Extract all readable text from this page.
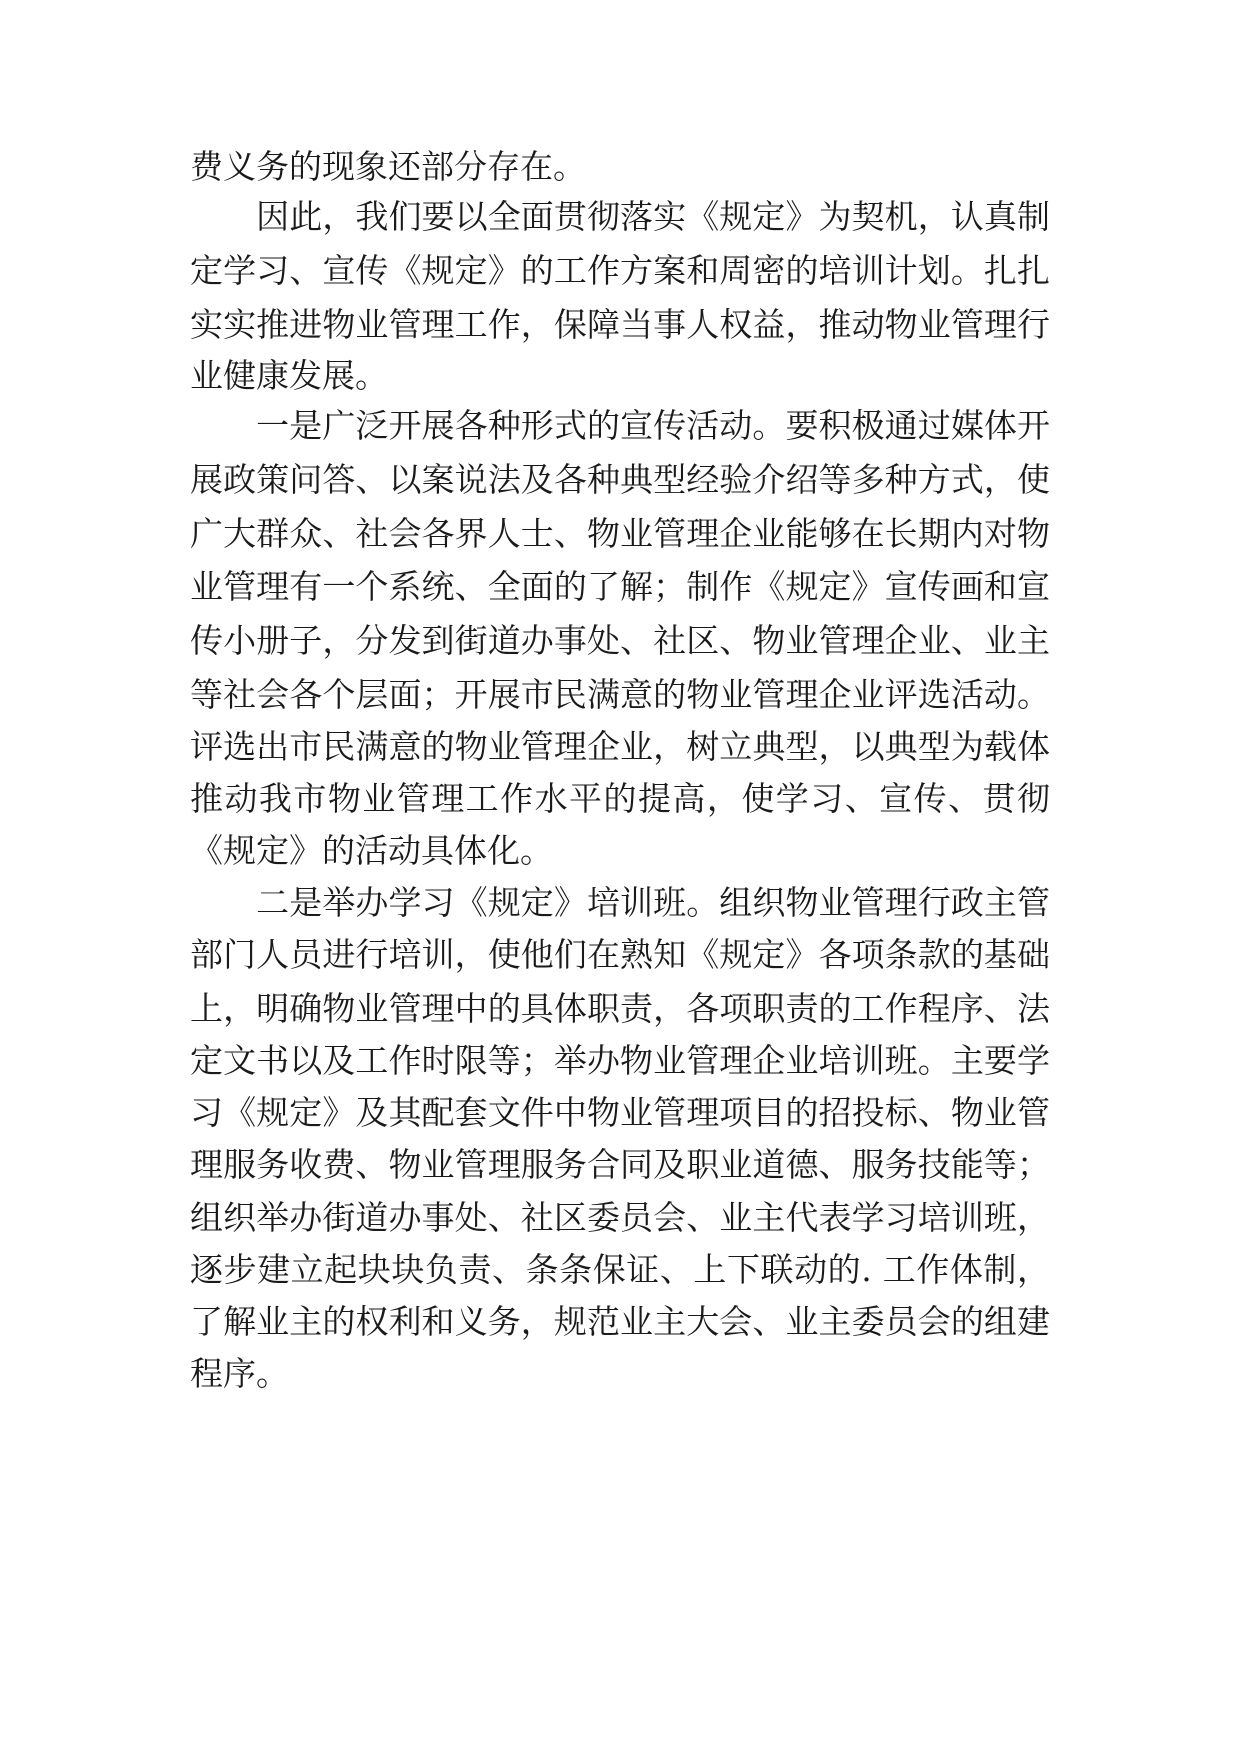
费义务的现象还部分存在。
　　因此，我们要以全面贯彻落实《规定》为契机，认真制
定学习、宣传《规定》的工作方案和周密的培训计划。扎扎
实实推进物业管理工作，保障当事人权益，推动物业管理行
业健康发展。
　　一是广泛开展各种形式的宣传活动。要积极通过媒体开
展政策问答、以案说法及各种典型经验介绍等多种方式，使
广大群众、社会各界人士、物业管理企业能够在长期内对物
业管理有一个系统、全面的了解；制作《规定》宣传画和宣
传小册子，分发到街道办事处、社区、物业管理企业、业主
等社会各个层面；开展市民满意的物业管理企业评选活动。
评选出市民满意的物业管理企业，树立典型，以典型为载体
推动我市物业管理工作水平的提高，使学习、宣传、贯彻
《规定》的活动具体化。
　　二是举办学习《规定》培训班。组织物业管理行政主管
部门人员进行培训，使他们在熟知《规定》各项条款的基础
上，明确物业管理中的具体职责，各项职责的工作程序、法
定文书以及工作时限等；举办物业管理企业培训班。主要学
习《规定》及其配套文件中物业管理项目的招投标、物业管
理服务收费、物业管理服务合同及职业道德、服务技能等；
组织举办街道办事处、社区委员会、业主代表学习培训班，
逐步建立起块块负责、条条保证、上下联动的. 工作体制，
了解业主的权利和义务，规范业主大会、业主委员会的组建
程序。
